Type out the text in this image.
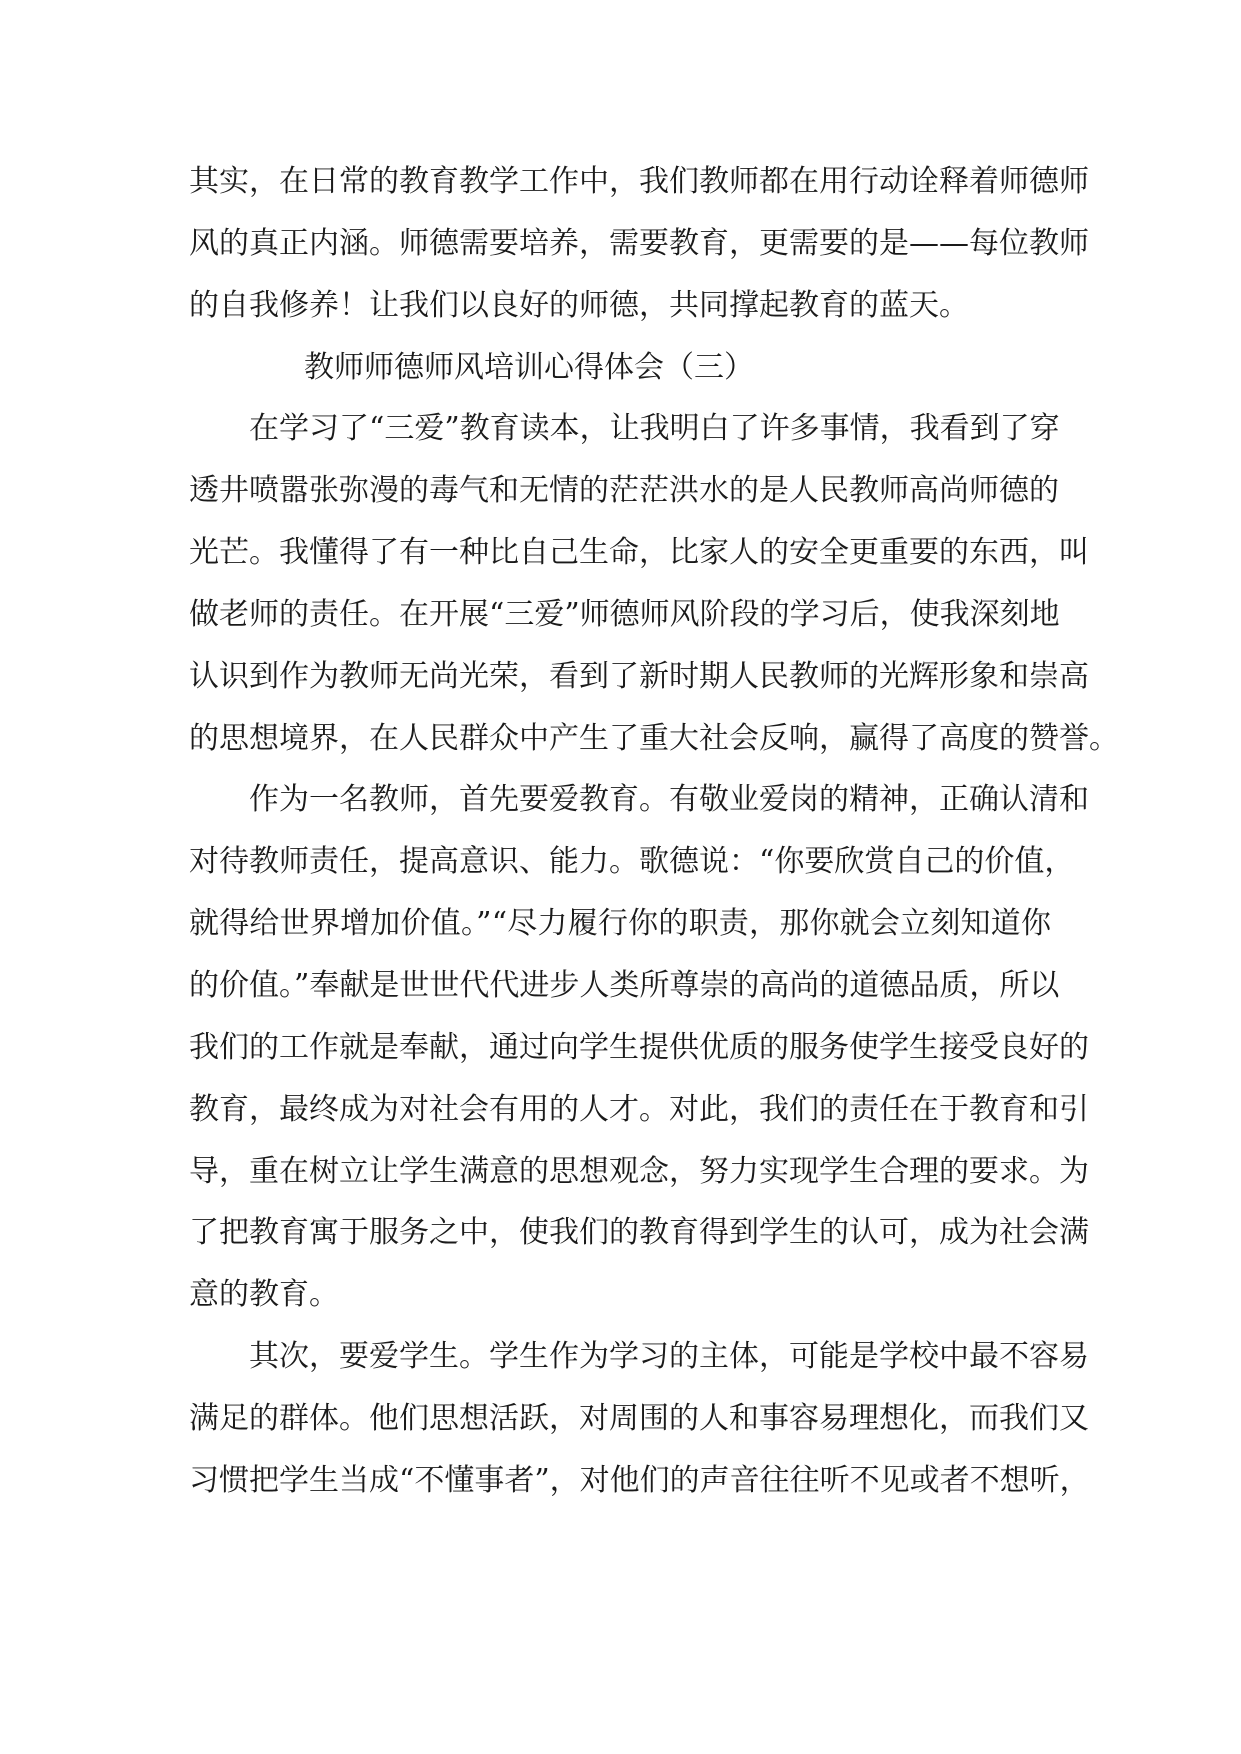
其实，在日常的教育教学工作中，我们教师都在用行动诠释着师德师
风的真正内涵。师德需要培养，需要教育，更需要的是——每位教师
的自我修养！让我们以良好的师德，共同撑起教育的蓝天。
教师师德师风培训心得体会（三）
在学习了“三爱”教育读本，让我明白了许多事情，我看到了穿
透井喷嚣张弥漫的毒气和无情的茫茫洪水的是人民教师高尚师德的
光芒。我懂得了有一种比自己生命，比家人的安全更重要的东西，叫
做老师的责任。在开展“三爱”师德师风阶段的学习后，使我深刻地
认识到作为教师无尚光荣，看到了新时期人民教师的光辉形象和崇高
的思想境界，在人民群众中产生了重大社会反响，赢得了高度的赞誉。
作为一名教师，首先要爱教育。有敬业爱岗的精神，正确认清和
对待教师责任，提高意识、能力。歌德说：“你要欣赏自己的价值，
就得给世界增加价值。”“尽力履行你的职责，那你就会立刻知道你
的价值。”奉献是世世代代进步人类所尊崇的高尚的道德品质，所以
我们的工作就是奉献，通过向学生提供优质的服务使学生接受良好的
教育，最终成为对社会有用的人才。对此，我们的责任在于教育和引
导，重在树立让学生满意的思想观念，努力实现学生合理的要求。为
了把教育寓于服务之中，使我们的教育得到学生的认可，成为社会满
意的教育。
其次，要爱学生。学生作为学习的主体，可能是学校中最不容易
满足的群体。他们思想活跃，对周围的人和事容易理想化，而我们又
习惯把学生当成“不懂事者”，对他们的声音往往听不见或者不想听，
